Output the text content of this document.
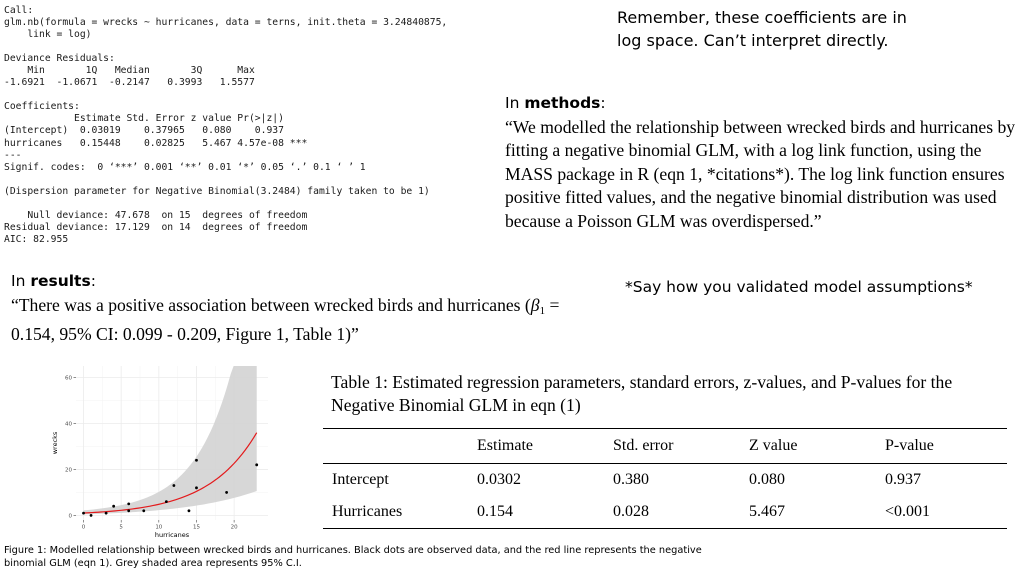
Call:
glm.nb(formula = wrecks ~ hurricanes, data = terns, init.theta = 3.24840875,
link = log)

Deviance Residuals:
Min       1Q   Median       3Q      Max
-1.6921  -1.0671  -0.2147   0.3993   1.5577

Coefficients:
Estimate Std. Error z value Pr(>|z|)
(Intercept)  0.03019    0.37965   0.080    0.937
hurricanes   0.15448    0.02825   5.467 4.57e-08 ***
---
Signif. codes:  0 ‘***’ 0.001 ‘**’ 0.01 ‘*’ 0.05 ‘.’ 0.1 ‘ ’ 1

(Dispersion parameter for Negative Binomial(3.2484) family taken to be 1)

Null deviance: 47.678  on 15  degrees of freedom
Residual deviance: 17.129  on 14  degrees of freedom
AIC: 82.955
Remember, these coefficients are in log space. Can’t interpret directly.
In methods:
“We modelled the relationship between wrecked birds and hurricanes by fitting a negative binomial GLM, with a log link function, using the MASS package in R (eqn 1, *citations*). The log link function ensures positive fitted values, and the negative binomial distribution was used because a Poisson GLM was overdispersed.”
*Say how you validated model assumptions*
In results:
“There was a positive association between wrecked birds and hurricanes ($\beta_1 = 0.154$, 95% CI: 0.099 - 0.209, Figure 1, Table 1)”
0
20
40
60
0	5	10	15	20
hurricanes
wrecks
Figure 1: Modelled relationship between wrecked birds and hurricanes. Black dots are observed data, and the red line represents the negative binomial GLM (eqn 1). Grey shaded area represents 95% C.I.
Table 1: Estimated regression parameters, standard errors, z-values, and P-values for the Negative Binomial GLM in eqn (1)
	Estimate	Std. error	Z value	P-value
Intercept	0.0302	0.380	0.080	0.937
Hurricanes	0.154	0.028	5.467	<0.001
